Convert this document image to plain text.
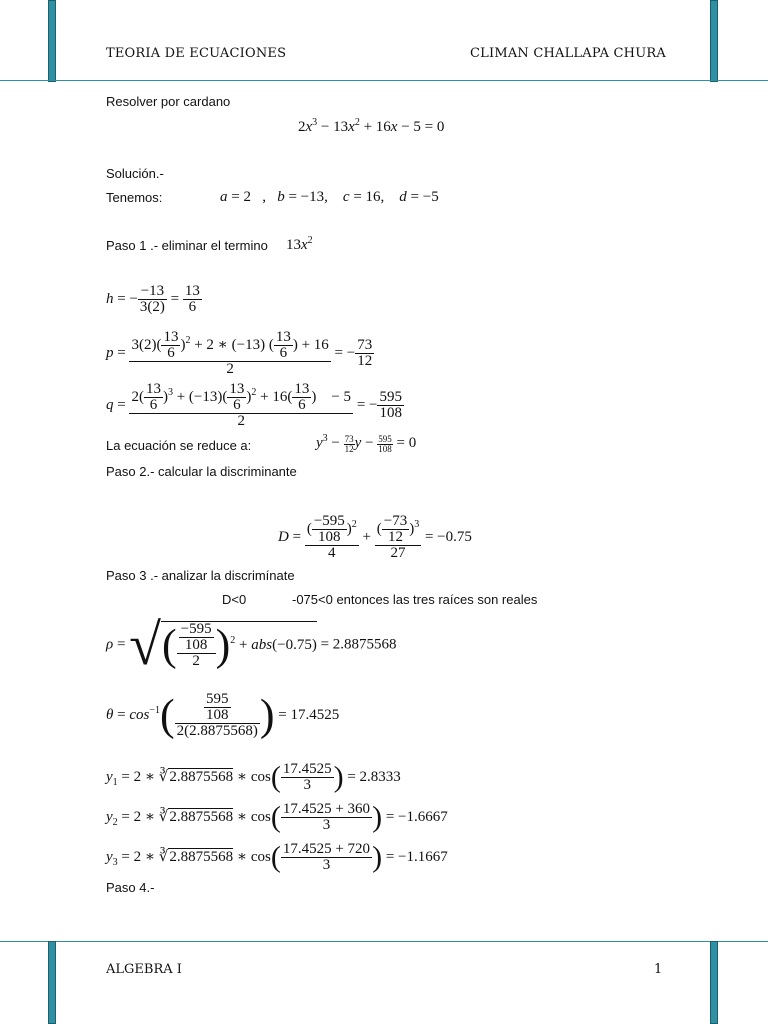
TEORIA DE ECUACIONES	CLIMAN CHALLAPA CHURA
Resolver por cardano
$2x^3 - 13x^2 + 16x - 5 = 0$
Solución.-
Tenemos:	a = 2   ,   b = −13,    c = 16,    d = −5
Paso 1 .- eliminar el termino $13x^2$
h = − $\frac{-13}{3(2)} = \frac{13}{6}$
$p = \frac{3(2)( \frac{13}{6} )^2 + 2 ∗ (-13) ( \frac{13}{6} ) + 16}{2}$ = − $\frac{73}{12}$
$q = \frac{2( \frac{13}{6} )^3 + (-13)( \frac{13}{6} )^2 + 16( \frac{13}{6} ) - 5}{2}$ = − $\frac{595}{108}$
La ecuación se reduce a:	$y^3 - \frac{73}{12}$ $y - \frac{595}{108} = 0$
Paso 2.- calcular la discriminante
$D = \frac{( \frac{-595}{108} )^2}{4} + \frac{( \frac{-73}{12} )^3}{27} = -0.75$
Paso 3 .- analizar la discrimínate
D<0	-075<0 entonces las tres raíces son reales
ρ = √( $\frac{\frac{-595}{108}}{2} )^2 + abs(-0.75) = 2.8875568$
$\theta = \cos^{-1}( \frac{\frac{595}{108}}{2(2.8875568)}$ ) = 17.4525
$y_1 = 2$ ∗ ∛2.8875568 ∗ $\cos( \frac{17.4525}{3}$ ) = 2.8333
$y_2 = 2$ ∗ ∛2.8875568 ∗ $\cos( \frac{17.4525 + 360}{3}$ ) = −1.6667
$y_3 = 2$ ∗ ∛2.8875568 ∗ $\cos( \frac{17.4525 + 720}{3}$ ) = −1.1667
Paso 4.-
ALGEBRA I	1
